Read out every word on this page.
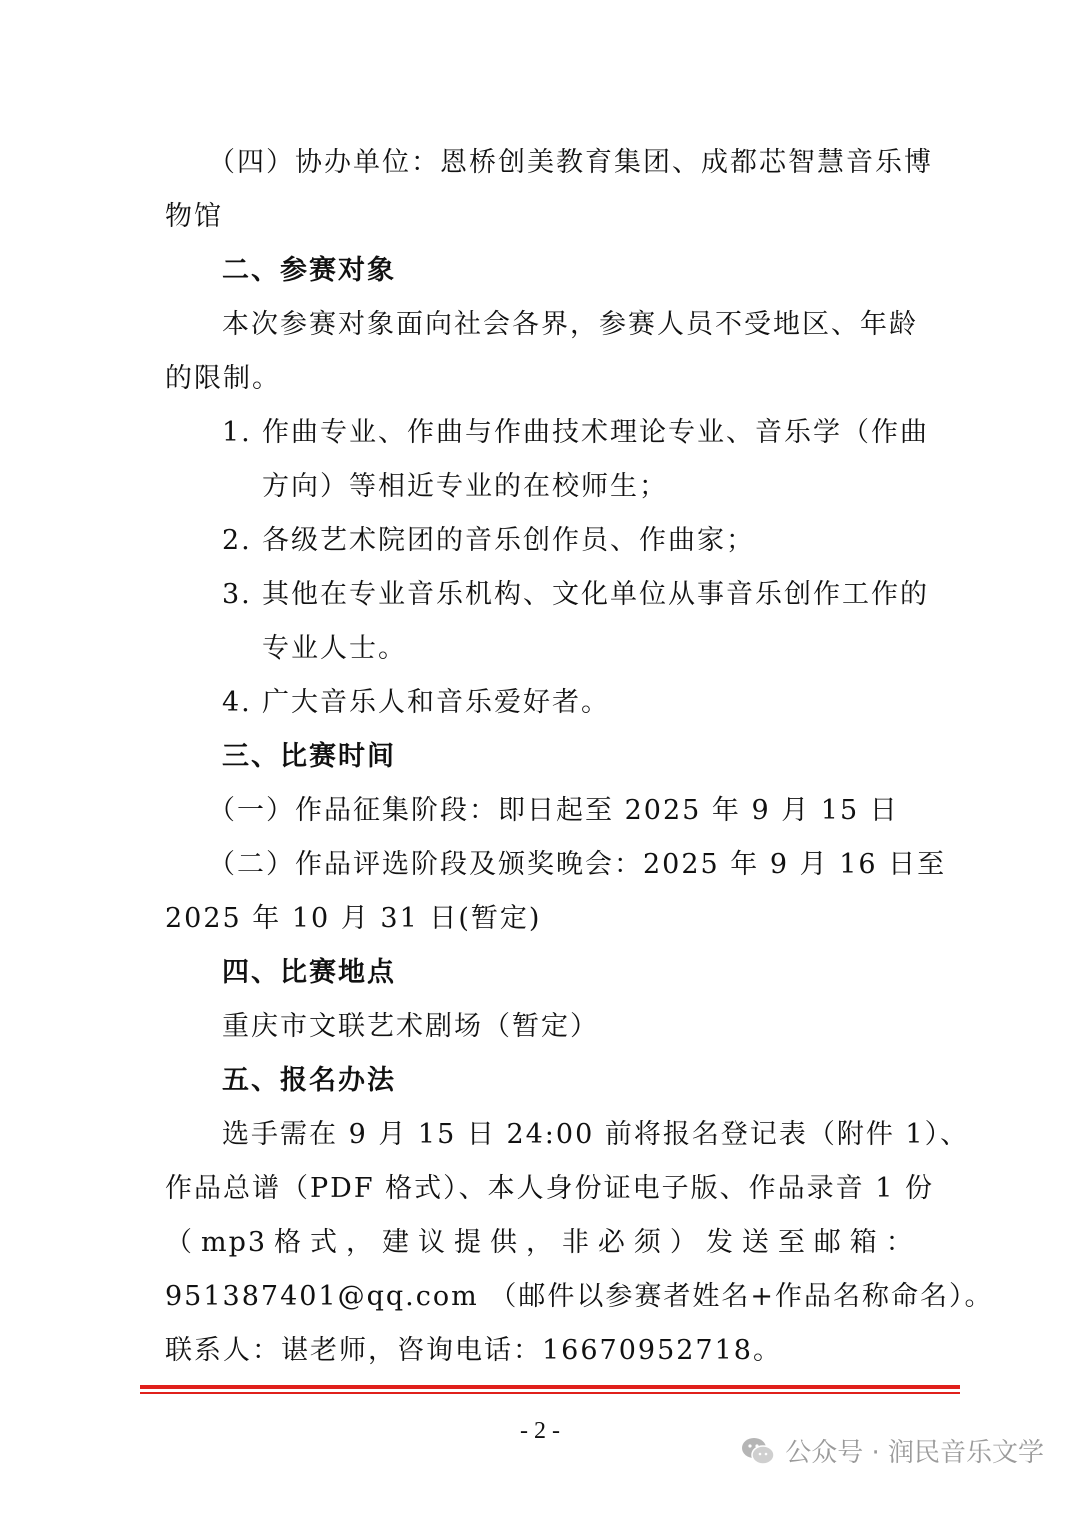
（四）协办单位：恩桥创美教育集团、成都芯智慧音乐博
物馆
二、参赛对象
本次参赛对象面向社会各界，参赛人员不受地区、年龄
的限制。
1. 作曲专业、作曲与作曲技术理论专业、音乐学（作曲
方向）等相近专业的在校师生；
2. 各级艺术院团的音乐创作员、作曲家；
3. 其他在专业音乐机构、文化单位从事音乐创作工作的
专业人士。
4. 广大音乐人和音乐爱好者。
三、比赛时间
（一）作品征集阶段：即日起至 2025 年 9 月 15 日
（二）作品评选阶段及颁奖晚会：2025 年 9 月 16 日至
2025 年 10 月 31 日(暂定)
四、比赛地点
重庆市文联艺术剧场（暂定）
五、报名办法
选手需在 9 月 15 日 24:00 前将报名登记表（附件 1）、
作品总谱（PDF 格式）、本人身份证电子版、作品录音 1 份
（ mp3 格 式 ， 建 议 提 供 ， 非 必 须 ） 发 送 至 邮 箱 ：
951387401@qq.com （邮件以参赛者姓名+作品名称命名）。
联系人：谌老师，咨询电话：16670952718。
- 2 -
公众号 · 润民音乐文学
